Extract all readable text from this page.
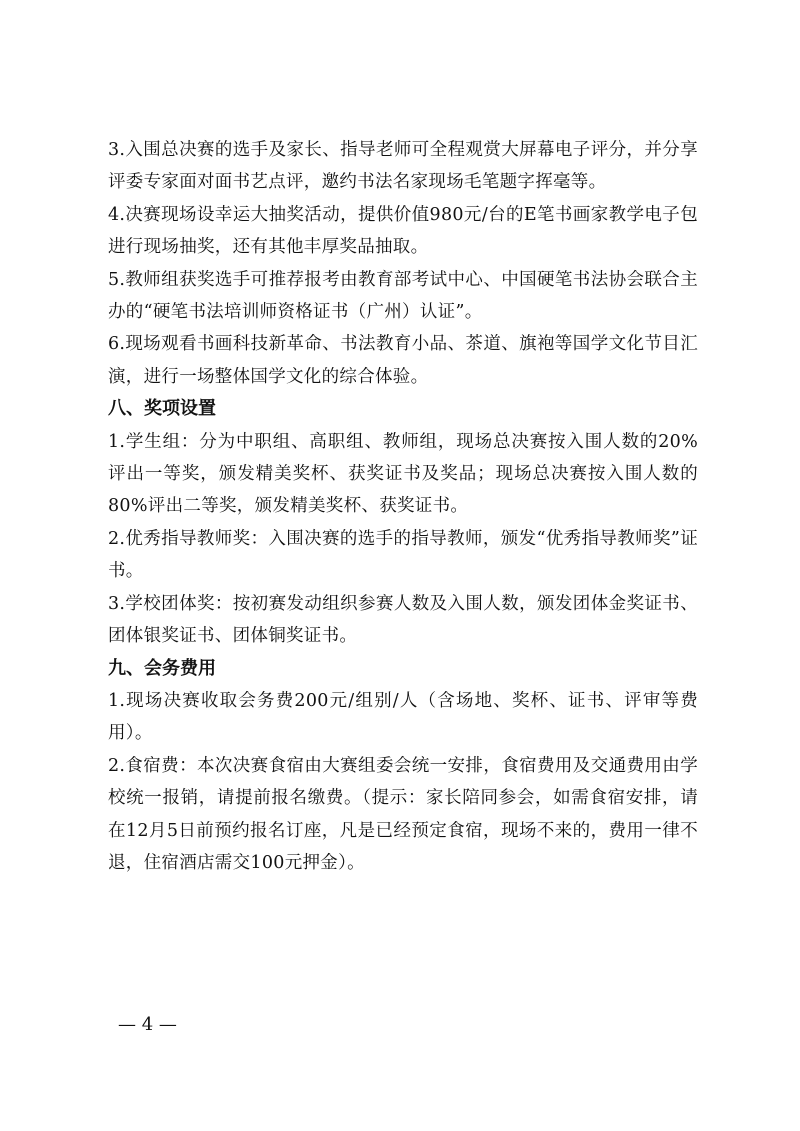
3.入围总决赛的选手及家长、指导老师可全程观赏大屏幕电子评分，并分享评委专家面对面书艺点评，邀约书法名家现场毛笔题字挥毫等。

4.决赛现场设幸运大抽奖活动，提供价值980元/台的E笔书画家教学电子包进行现场抽奖，还有其他丰厚奖品抽取。

5.教师组获奖选手可推荐报考由教育部考试中心、中国硬笔书法协会联合主办的“硬笔书法培训师资格证书（广州）认证”。

6.现场观看书画科技新革命、书法教育小品、茶道、旗袍等国学文化节目汇演，进行一场整体国学文化的综合体验。

八、奖项设置

1.学生组：分为中职组、高职组、教师组，现场总决赛按入围人数的20%评出一等奖，颁发精美奖杯、获奖证书及奖品；现场总决赛按入围人数的80%评出二等奖，颁发精美奖杯、获奖证书。

2.优秀指导教师奖：入围决赛的选手的指导教师，颁发“优秀指导教师奖”证书。

3.学校团体奖：按初赛发动组织参赛人数及入围人数，颁发团体金奖证书、团体银奖证书、团体铜奖证书。

九、会务费用

1.现场决赛收取会务费200元/组别/人（含场地、奖杯、证书、评审等费用）。

2.食宿费：本次决赛食宿由大赛组委会统一安排，食宿费用及交通费用由学校统一报销，请提前报名缴费。（提示：家长陪同参会，如需食宿安排，请在12月5日前预约报名订座，凡是已经预定食宿，现场不来的，费用一律不退，住宿酒店需交100元押金）。

— 4 —
